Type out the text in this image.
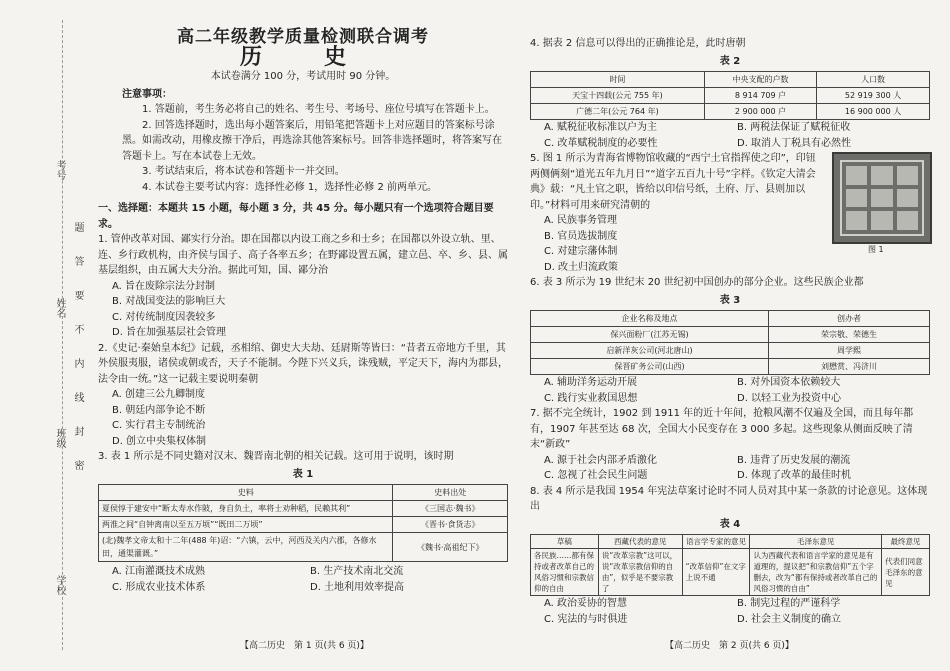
考号
姓名
班级
学校
题
答
要
不
内
线
封
密
高二年级教学质量检测联合调考
历　史

本试卷满分 100 分，考试用时 90 分钟。

注意事项：

1. 答题前，考生务必将自己的姓名、考生号、考场号、座位号填写在答题卡上。

2. 回答选择题时，选出每小题答案后，用铅笔把答题卡上对应题目的答案标号涂黑。如需改动，用橡皮擦干净后，再选涂其他答案标号。回答非选择题时，将答案写在答题卡上。写在本试卷上无效。

3. 考试结束后，将本试卷和答题卡一并交回。

4. 本试卷主要考试内容：选择性必修 1，选择性必修 2 前两单元。

一、选择题：本题共 15 小题，每小题 3 分，共 45 分。每小题只有一个选项符合题目要求。

1. 管仲改革对国、鄙实行分治。即在国都以内设工商之乡和士乡；在国都以外设立轨、里、连、乡行政机构，由齐侯与国子、高子各率五乡；在野鄙设置五属，建立邑、卒、乡、县、属基层组织，由五属大夫分治。据此可知，国、鄙分治

A. 旨在废除宗法分封制

B. 对战国变法的影响巨大

C. 对传统制度因袭较多

D. 旨在加强基层社会管理

2.《史记·秦始皇本纪》记载，丞相绾、御史大夫劫、廷尉斯等皆曰：“昔者五帝地方千里，其外侯服夷服，诸侯或朝或否，天子不能制。今陛下兴义兵，诛残贼，平定天下，海内为郡县，法令由一统。”这一记载主要说明秦朝

A. 创建三公九卿制度

B. 朝廷内部争论不断

C. 实行君主专制统治

D. 创立中央集权体制

3. 表 1 所示是不同史籍对汉末、魏晋南北朝的相关记载。这可用于说明，该时期

表 1

史料	史料出处
夏侯惇于建安中“断太寿水作陂，身自负土，率将士劝种稻，民赖其利”	《三国志·魏书》
两淮之间“自钟离南以至五万顷”“既田二万顷”	《晋书·食货志》
(北)魏孝文帝太和十二年(488 年)诏：“六镇，云中，河西及关内六郡，各修水田，通渠灌溉。”	《魏书·高祖纪下》

A. 江南灌溉技术成熟	B. 生产技术南北交流

C. 形成农业技术体系	D. 土地利用效率提高

【高二历史　第 1 页(共 6 页)】

4. 据表 2 信息可以得出的正确推论是，此时唐朝

表 2

时间	中央支配的户数	人口数
天宝十四载(公元 755 年)	8 914 709 户	52 919 300 人
广德二年(公元 764 年)	2 900 000 户	16 900 000 人

A. 赋税征收标准以户为主	B. 两税法保证了赋税征收

C. 改革赋税制度的必要性	D. 取消人丁税具有必然性

5. 图 1 所示为青海省博物馆收藏的“西宁土官指挥使之印”，印钮两侧俩刻“道光五年九月日”“道字五百九十号”字样。《钦定大清会典》载：“凡土官之职，皆给以印信号纸，土府、厅、县则加以印。”材料可用来研究清朝的

A. 民族事务管理

B. 官员选拔制度

C. 对建宗藩体制

D. 改土归流政策

6. 表 3 所示为 19 世纪末 20 世纪初中国创办的部分企业。这些民族企业都

表 3

企业名称及地点	创办者
保兴面粉厂(江苏无锡)	荣宗敬、荣德生
启新洋灰公司(河北唐山)	周学熙
保晋矿务公司(山西)	刘懋赏、冯济川

A. 辅助洋务运动开展	B. 对外国资本依赖较大

C. 践行实业救国思想	D. 以轻工业为投资中心

7. 据不完全统计，1902 到 1911 年的近十年间，抢粮风潮不仅遍及全国，而且每年都有，1907 年甚至达 68 次，全国大小民变存在 3 000 多起。这些现象从侧面反映了清末“新政”

A. 源于社会内部矛盾激化	B. 违背了历史发展的潮流

C. 忽视了社会民生问题	D. 体现了改革的最佳时机

8. 表 4 所示是我国 1954 年宪法草案讨论时不同人员对其中某一条款的讨论意见。这体现出

表 4

草稿	西藏代表的意见	语言学专家的意见	毛泽东意见	最终意见
各民族……都有保持或者改革自己的风俗习惯和宗教信仰的自由	说“改革宗教”这可以，说“改革宗教信仰的自由”，似乎是不要宗教了	“改革信仰”在文字上说不通	认为西藏代表和语言学家的意见是有道理的，提议把“和宗教信仰”五个字删去，改为“都有保持或者改革自己的风俗习惯的自由”	代表们同意毛泽东的意见

A. 政治妥协的智慧	B. 制宪过程的严谨科学

C. 宪法的与时俱进	D. 社会主义制度的确立

【高二历史　第 2 页(共 6 页)】
图 1
